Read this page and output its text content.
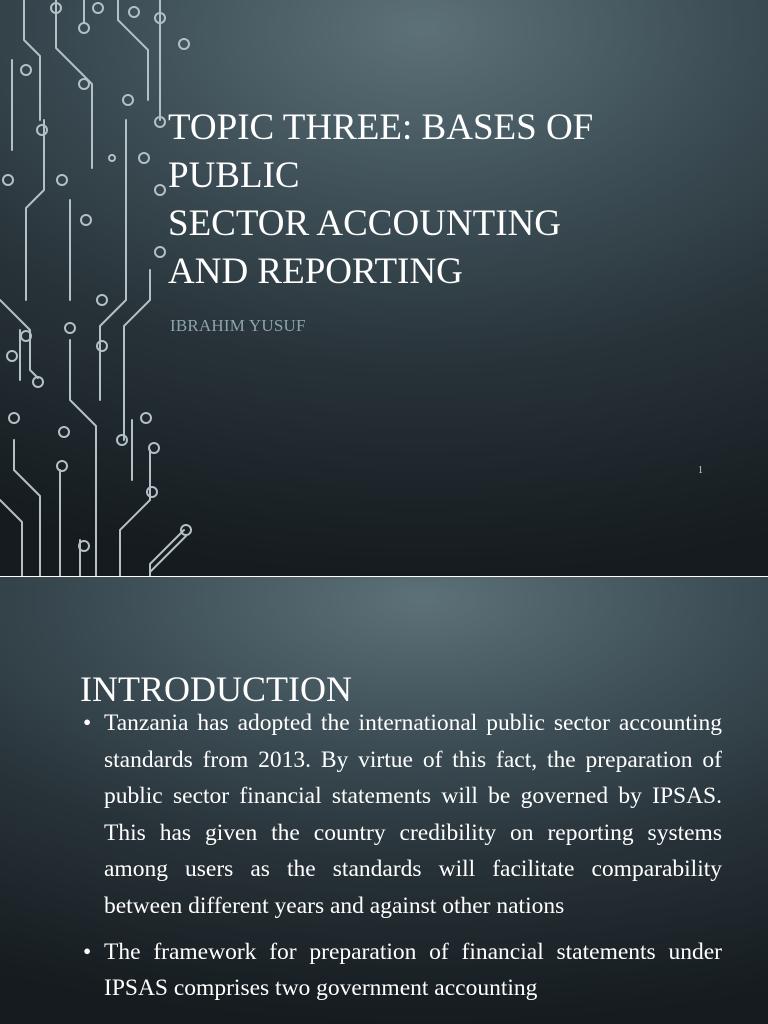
TOPIC THREE: BASES OF
PUBLIC
SECTOR ACCOUNTING
AND REPORTING

IBRAHIM YUSUF

1
INTRODUCTION
• Tanzania has adopted the international public sector accounting standards from 2013. By virtue of this fact, the preparation of public sector financial statements will be governed by IPSAS. This has given the country credibility on reporting systems among users as the standards will facilitate comparability between different years and against other nations
• The framework for preparation of financial statements under IPSAS comprises two government accounting
